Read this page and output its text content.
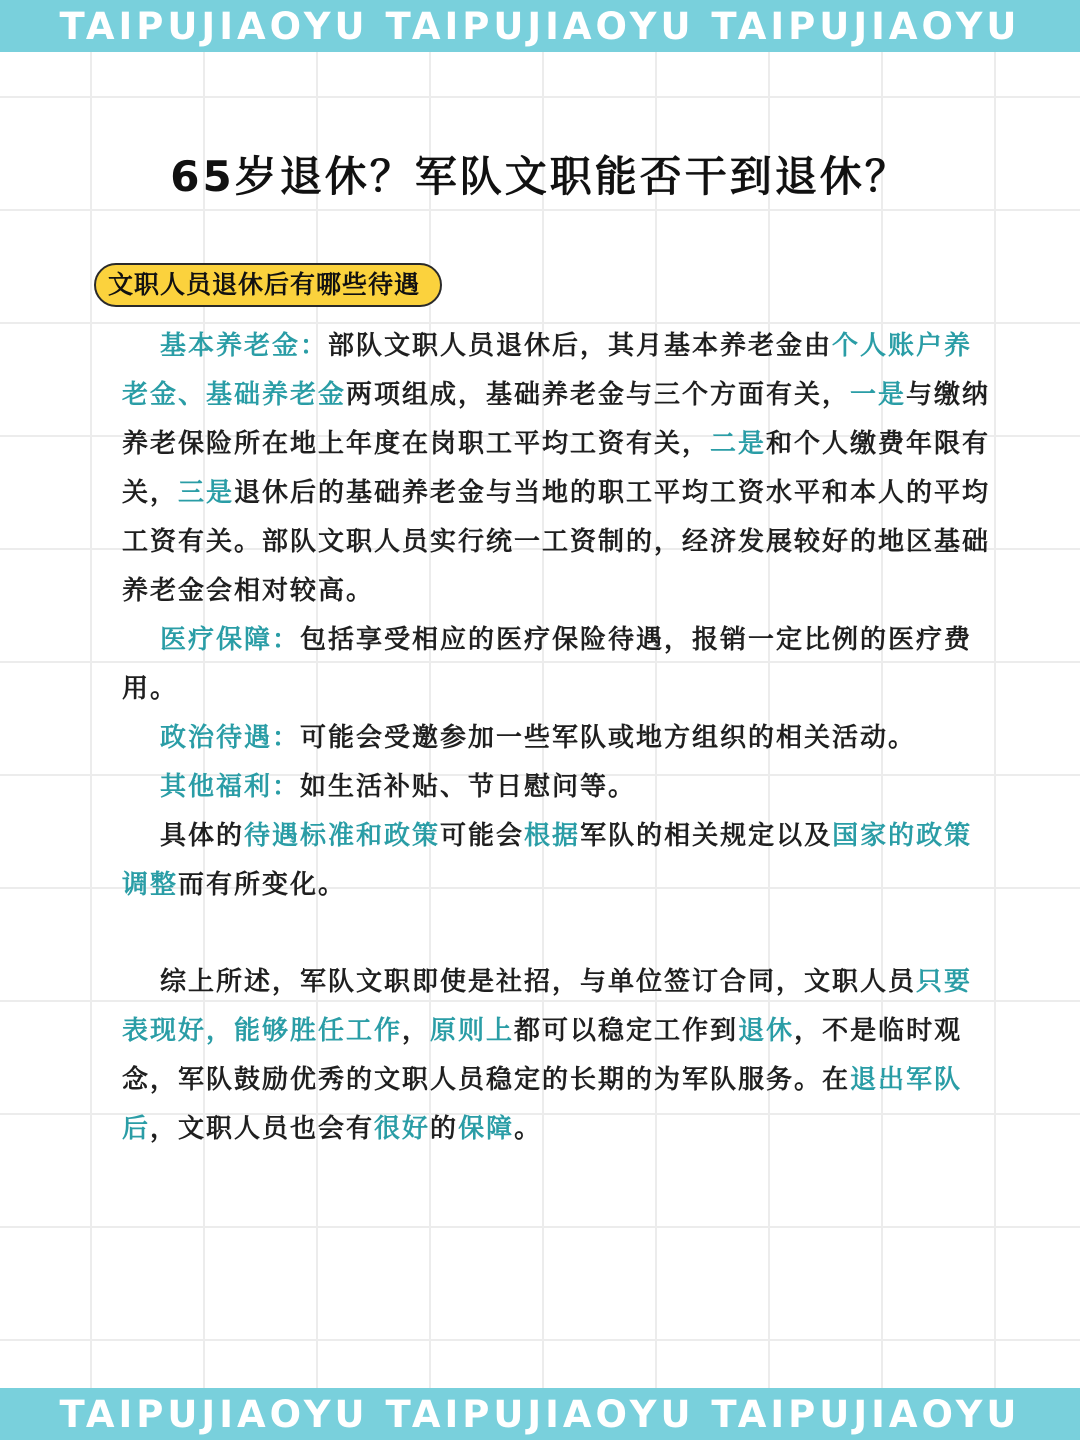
TAIPUJIAOYU TAIPUJIAOYU TAIPUJIAOYU
65岁退休？军队文职能否干到退休？
文职人员退休后有哪些待遇

基本养老金：部队文职人员退休后，其月基本养老金由个人账户养老金、基础养老金两项组成，基础养老金与三个方面有关，一是与缴纳养老保险所在地上年度在岗职工平均工资有关，二是和个人缴费年限有关，三是退休后的基础养老金与当地的职工平均工资水平和本人的平均工资有关。部队文职人员实行统一工资制的，经济发展较好的地区基础养老金会相对较高。

医疗保障：包括享受相应的医疗保险待遇，报销一定比例的医疗费用。

政治待遇：可能会受邀参加一些军队或地方组织的相关活动。

其他福利：如生活补贴、节日慰问等。

具体的待遇标准和政策可能会根据军队的相关规定以及国家的政策调整而有所变化。

综上所述，军队文职即使是社招，与单位签订合同，文职人员只要表现好，能够胜任工作，原则上都可以稳定工作到退休，不是临时观念，军队鼓励优秀的文职人员稳定的长期的为军队服务。在退出军队后，文职人员也会有很好的保障。

TAIPUJIAOYU TAIPUJIAOYU TAIPUJIAOYU
